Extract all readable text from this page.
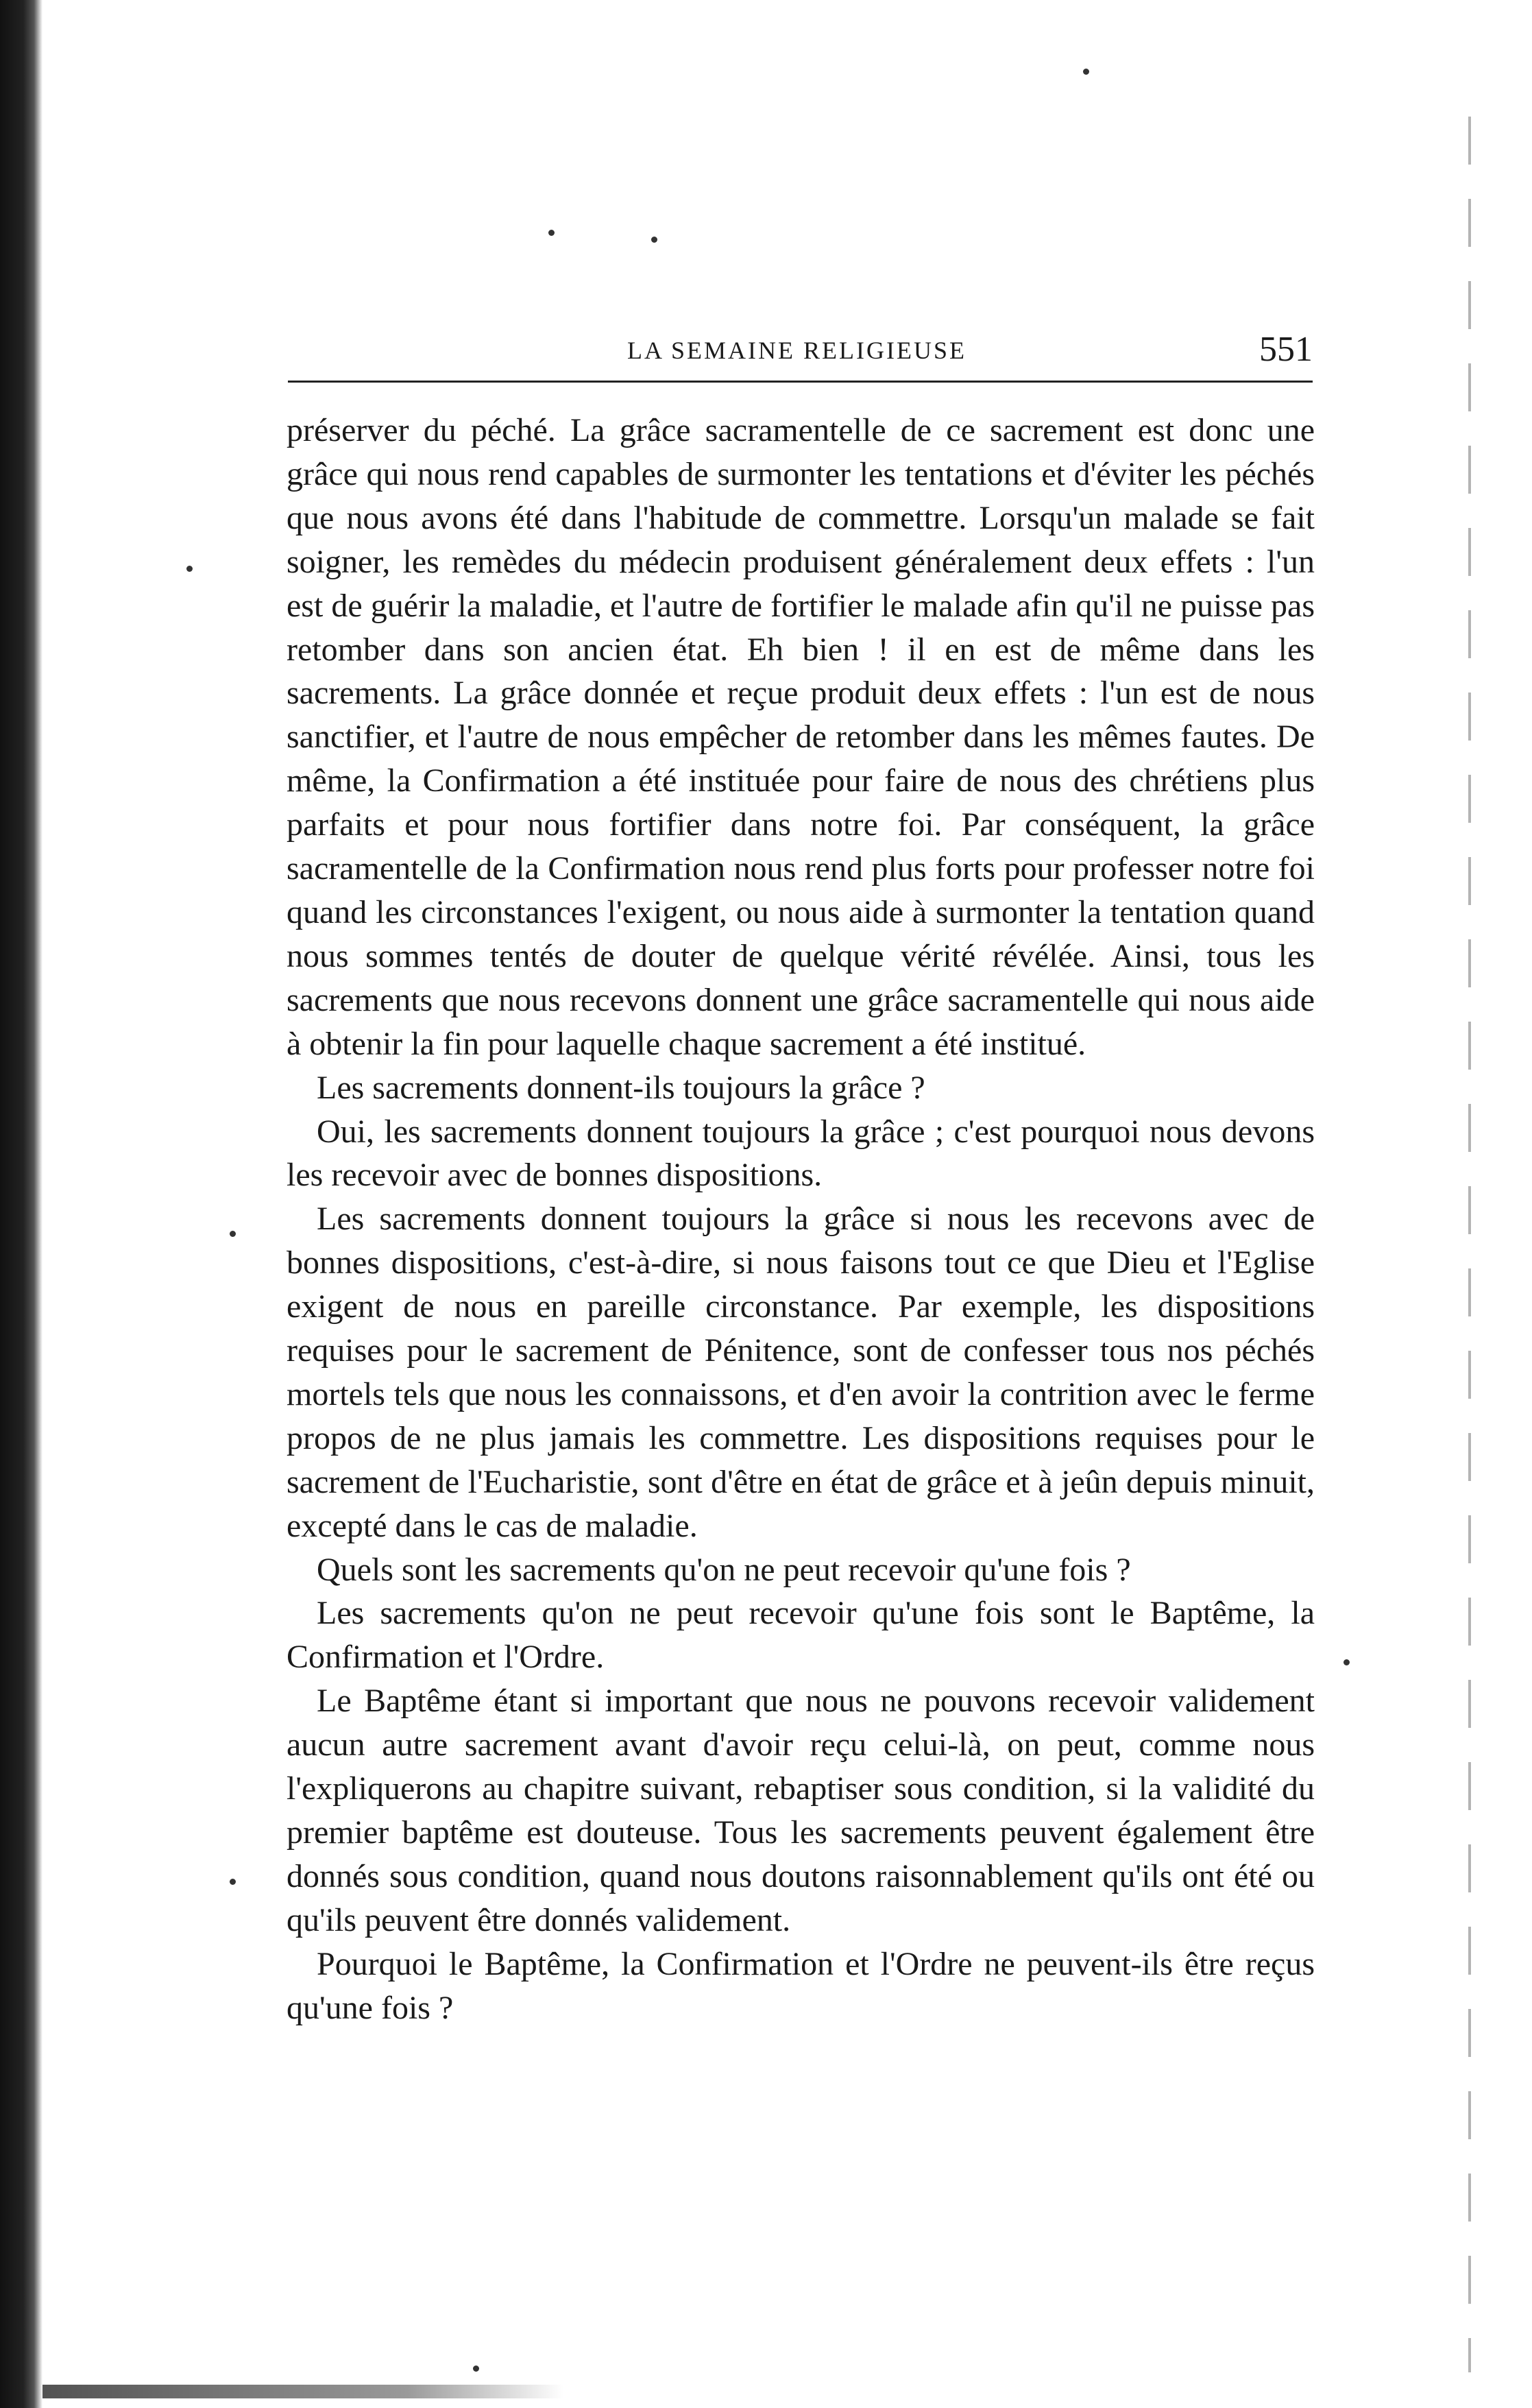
LA SEMAINE RELIGIEUSE	551

préserver du péché. La grâce sacramentelle de ce sacrement est donc une grâce qui nous rend capables de surmonter les tentations et d'éviter les péchés que nous avons été dans l'habitude de commettre. Lorsqu'un malade se fait soigner, les remèdes du médecin produisent généralement deux effets : l'un est de guérir la maladie, et l'autre de fortifier le malade afin qu'il ne puisse pas retomber dans son ancien état. Eh bien ! il en est de même dans les sacrements. La grâce donnée et reçue produit deux effets : l'un est de nous sanctifier, et l'autre de nous empêcher de retomber dans les mêmes fautes. De même, la Confirmation a été instituée pour faire de nous des chrétiens plus parfaits et pour nous fortifier dans notre foi. Par conséquent, la grâce sacramentelle de la Confirmation nous rend plus forts pour professer notre foi quand les circonstances l'exigent, ou nous aide à surmonter la tentation quand nous sommes tentés de douter de quelque vérité révélée. Ainsi, tous les sacrements que nous recevons donnent une grâce sacramentelle qui nous aide à obtenir la fin pour laquelle chaque sacrement a été institué.

Les sacrements donnent-ils toujours la grâce ?

Oui, les sacrements donnent toujours la grâce ; c'est pourquoi nous devons les recevoir avec de bonnes dispositions.

Les sacrements donnent toujours la grâce si nous les recevons avec de bonnes dispositions, c'est-à-dire, si nous faisons tout ce que Dieu et l'Eglise exigent de nous en pareille circonstance. Par exemple, les dispositions requises pour le sacrement de Pénitence, sont de confesser tous nos péchés mortels tels que nous les connaissons, et d'en avoir la contrition avec le ferme propos de ne plus jamais les commettre. Les dispositions requises pour le sacrement de l'Eucharistie, sont d'être en état de grâce et à jeûn depuis minuit, excepté dans le cas de maladie.

Quels sont les sacrements qu'on ne peut recevoir qu'une fois ?

Les sacrements qu'on ne peut recevoir qu'une fois sont le Baptême, la Confirmation et l'Ordre.

Le Baptême étant si important que nous ne pouvons recevoir validement aucun autre sacrement avant d'avoir reçu celui-là, on peut, comme nous l'expliquerons au chapitre suivant, rebaptiser sous condition, si la validité du premier baptême est douteuse. Tous les sacrements peuvent également être donnés sous condition, quand nous doutons raisonnablement qu'ils ont été ou qu'ils peuvent être donnés validement.

Pourquoi le Baptême, la Confirmation et l'Ordre ne peuvent-ils être reçus qu'une fois ?
